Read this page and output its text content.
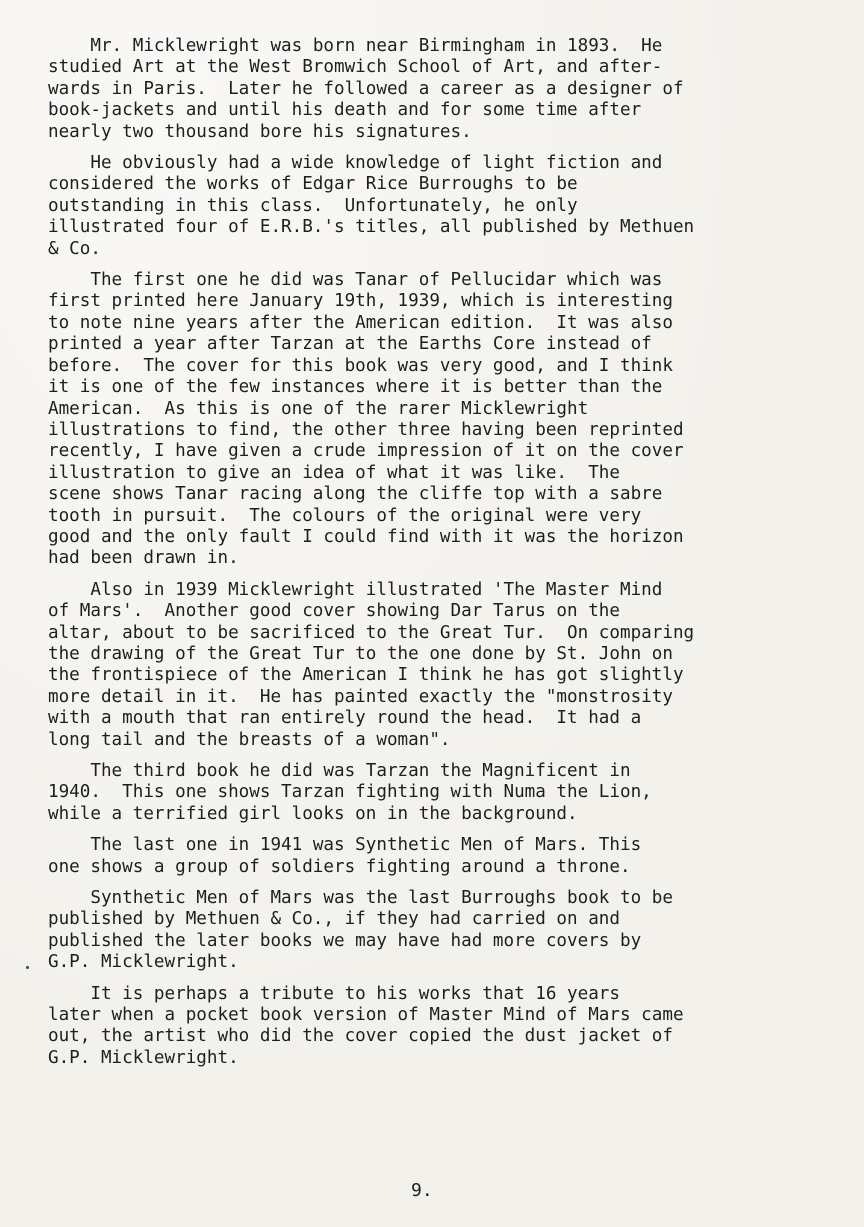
Mr. Micklewright was born near Birmingham in 1893.  He
studied Art at the West Bromwich School of Art, and after-
wards in Paris.  Later he followed a career as a designer of
book-jackets and until his death and for some time after
nearly two thousand bore his signatures.

He obviously had a wide knowledge of light fiction and
considered the works of Edgar Rice Burroughs to be
outstanding in this class.  Unfortunately, he only
illustrated four of E.R.B.'s titles, all published by Methuen
& Co.

The first one he did was Tanar of Pellucidar which was
first printed here January 19th, 1939, which is interesting
to note nine years after the American edition.  It was also
printed a year after Tarzan at the Earths Core instead of
before.  The cover for this book was very good, and I think
it is one of the few instances where it is better than the
American.  As this is one of the rarer Micklewright
illustrations to find, the other three having been reprinted
recently, I have given a crude impression of it on the cover
illustration to give an idea of what it was like.  The
scene shows Tanar racing along the cliffe top with a sabre
tooth in pursuit.  The colours of the original were very
good and the only fault I could find with it was the horizon
had been drawn in.

Also in 1939 Micklewright illustrated 'The Master Mind
of Mars'.  Another good cover showing Dar Tarus on the
altar, about to be sacrificed to the Great Tur.  On comparing
the drawing of the Great Tur to the one done by St. John on
the frontispiece of the American I think he has got slightly
more detail in it.  He has painted exactly the "monstrosity
with a mouth that ran entirely round the head.  It had a
long tail and the breasts of a woman".

The third book he did was Tarzan the Magnificent in
1940.  This one shows Tarzan fighting with Numa the Lion,
while a terrified girl looks on in the background.

The last one in 1941 was Synthetic Men of Mars. This
one shows a group of soldiers fighting around a throne.

Synthetic Men of Mars was the last Burroughs book to be
published by Methuen & Co., if they had carried on and
published the later books we may have had more covers by
G.P. Micklewright.

It is perhaps a tribute to his works that 16 years
later when a pocket book version of Master Mind of Mars came
out, the artist who did the cover copied the dust jacket of
G.P. Micklewright.

9.
